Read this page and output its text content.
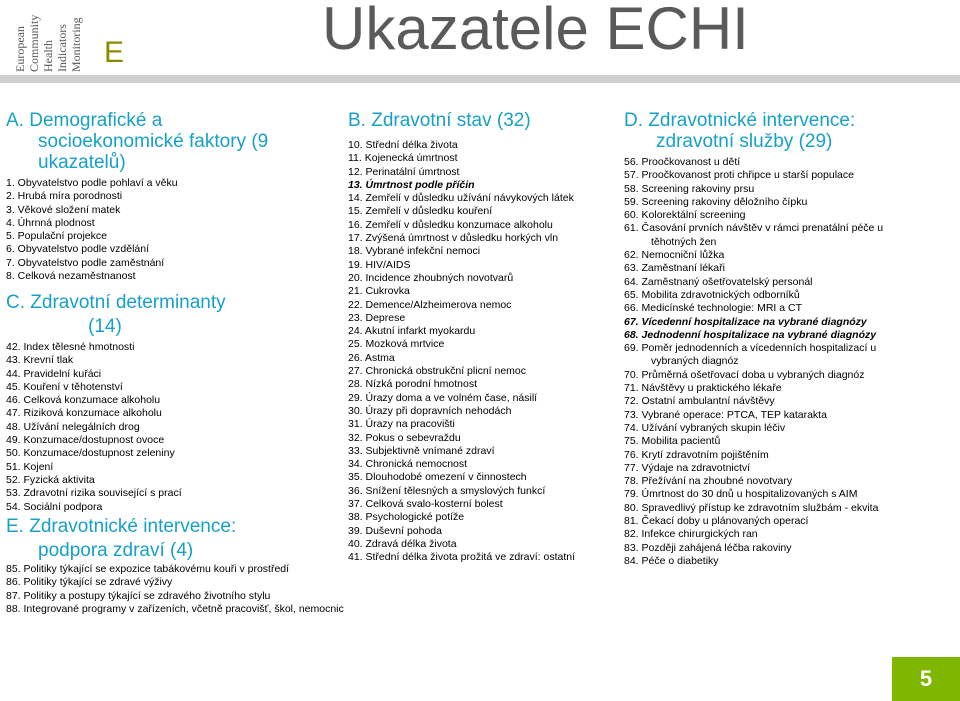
European Community Health Indicators Monitoring E	Ukazatele ECHI
A. Demografické a
socioekonomické faktory (9
ukazatelů)
1. Obyvatelstvo podle pohlaví a věku
2. Hrubá míra porodnosti
3. Věkové složení matek
4. Úhrnná plodnost
5. Populační projekce
6. Obyvatelstvo podle vzdělání
7. Obyvatelstvo podle zaměstnání
8. Celková nezaměstnanost
C. Zdravotní determinanty
(14)
42. Index tělesné hmotnosti
43. Krevní tlak
44. Pravidelní kuřáci
45. Kouření v těhotenství
46. Celková konzumace alkoholu
47. Riziková konzumace alkoholu
48. Užívání nelegálních drog
49. Konzumace/dostupnost ovoce
50. Konzumace/dostupnost zeleniny
51. Kojení
52. Fyzická aktivita
53. Zdravotní rizika související s prací
54. Sociální podpora
E. Zdravotnické intervence:
podpora zdraví (4)
85. Politiky týkající se expozice tabákovému kouři v prostředí
86. Politiky týkající se zdravé výživy
87. Politiky a postupy týkající se zdravého životního stylu
88. Integrované programy v zařízeních, včetně pracovišť, škol, nemocnic
B. Zdravotní stav (32)
10. Střední délka života
11. Kojenecká úmrtnost
12. Perinatální úmrtnost
13. Úmrtnost podle příčin
14. Zemřelí v důsledku užívání návykových látek
15. Zemřelí v důsledku kouření
16. Zemřelí v důsledku konzumace alkoholu
17. Zvýšená úmrtnost v důsledku horkých vln
18. Vybrané infekční nemoci
19. HIV/AIDS
20. Incidence zhoubných novotvarů
21. Cukrovka
22. Demence/Alzheimerova nemoc
23. Deprese
24. Akutní infarkt myokardu
25. Mozková mrtvice
26. Astma
27. Chronická obstrukční plicní nemoc
28. Nízká porodní hmotnost
29. Úrazy doma a ve volném čase, násilí
30. Úrazy při dopravních nehodách
31. Úrazy na pracovišti
32. Pokus o sebevraždu
33. Subjektivně vnímané zdraví
34. Chronická nemocnost
35. Dlouhodobé omezení v činnostech
36. Snížení tělesných a smyslových funkcí
37. Celková svalo-kosterní bolest
38. Psychologické potíže
39. Duševní pohoda
40. Zdravá délka života
41. Střední délka života prožitá ve zdraví: ostatní
D. Zdravotnické intervence:
zdravotní služby (29)
56. Proočkovanost u dětí
57. Proočkovanost proti chřipce u starší populace
58. Screening rakoviny prsu
59. Screening rakoviny děložního čípku
60. Kolorektální screening
61. Časování prvních návštěv v rámci prenatální péče u
těhotných žen
62. Nemocniční lůžka
63. Zaměstnaní lékaři
64. Zaměstnaný ošetřovatelský personál
65. Mobilita zdravotnických odborníků
66. Medicínské technologie: MRI a CT
67. Vícedenní hospitalizace na vybrané diagnózy
68. Jednodenní hospitalizace na vybrané diagnózy
69. Poměr jednodenních a vícedenních hospitalizací u
vybraných diagnóz
70. Průměrná ošetřovací doba u vybraných diagnóz
71. Návštěvy u praktického lékaře
72. Ostatní ambulantní návštěvy
73. Vybrané operace: PTCA, TEP kataraktа
74. Užívání vybraných skupin léčiv
75. Mobilita pacientů
76. Krytí zdravotním pojištěním
77. Výdaje na zdravotnictví
78. Přežívání na zhoubné novotvary
79. Úmrtnost do 30 dnů u hospitalizovaných s AIM
80. Spravedlivý přístup ke zdravotním službám - ekvita
81. Čekací doby u plánovaných operací
82. Infekce chirurgických ran
83. Později zahájená léčba rakoviny
84. Péče o diabetiky
5
